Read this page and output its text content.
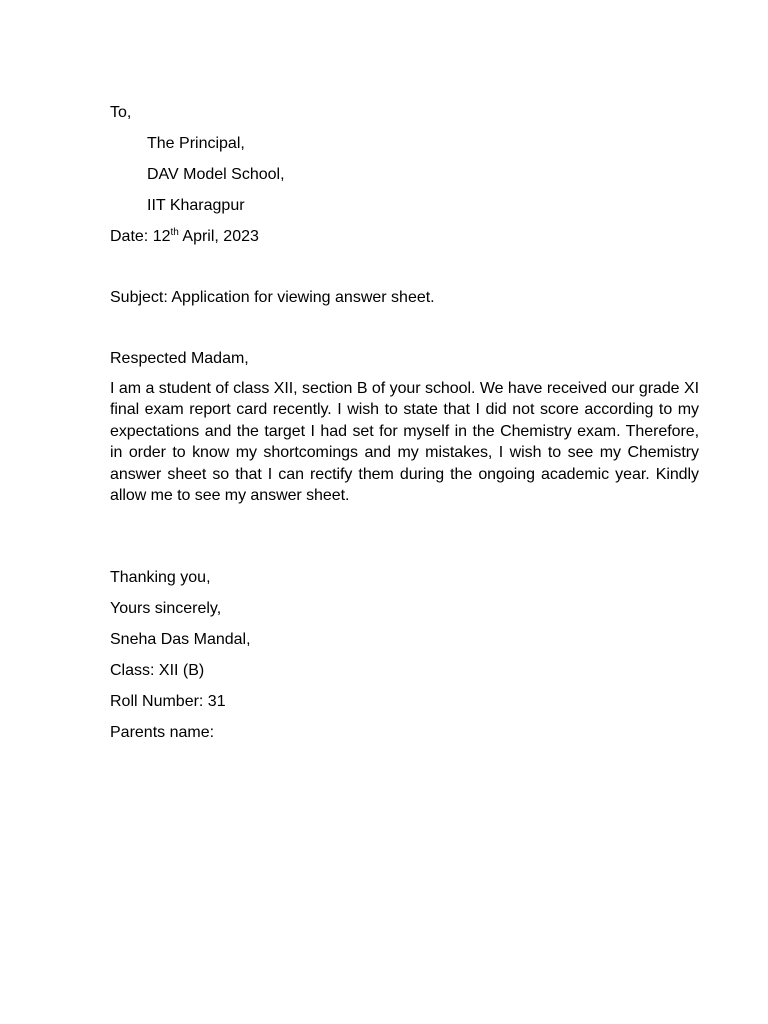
To,
The Principal,
DAV Model School,
IIT Kharagpur
Date: 12th April, 2023
Subject: Application for viewing answer sheet.
Respected Madam,
I am a student of class XII, section B of your school. We have received our grade XI final exam report card recently. I wish to state that I did not score according to my expectations and the target I had set for myself in the Chemistry exam. Therefore, in order to know my shortcomings and my mistakes, I wish to see my Chemistry answer sheet so that I can rectify them during the ongoing academic year. Kindly allow me to see my answer sheet.
Thanking you,
Yours sincerely,
Sneha Das Mandal,
Class: XII (B)
Roll Number: 31
Parents name:
